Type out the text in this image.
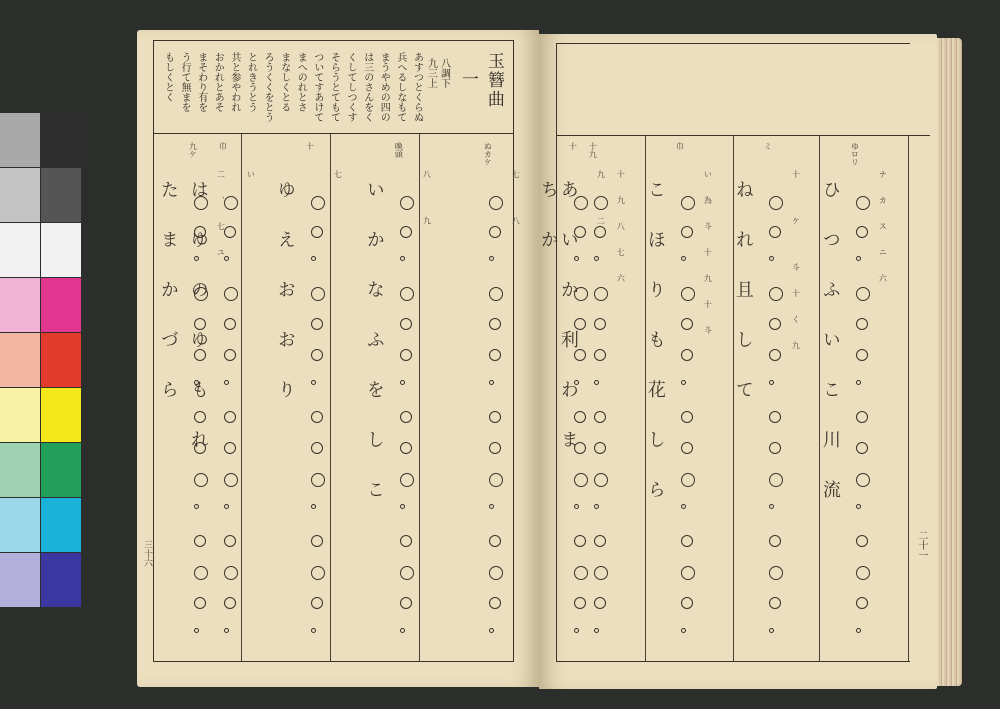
玉簪曲
一
八調下
九三上
あすつとくらぬ
兵へるしなもて
まうやめの四の
は三のさんをく
くしてしつくす
そらうとてもて
ついてすあけて
まへのれとさ
まなしくとる
ろうくくをとう
とれきうとう
共と参やわれ
おかれとあそ
まそわり有を
う行て無まを
もしくとく
ぬカケ
七 八
喚頭
八 九
いかなふをしこ
十
七
ゆえおおり
巾
い
はゆのゆもれ
九ケ
二、七ユ
たまかづら
三十六
ゆロリ
ナカスニ六
ひつふいこ川流
ミ
十 ケ 斗十く九
ねれ且して
巾
い為斗十九十斗
こほりも花しら
十九
十九八七六
あいか利わま
十
九 二
ちか
二十一
